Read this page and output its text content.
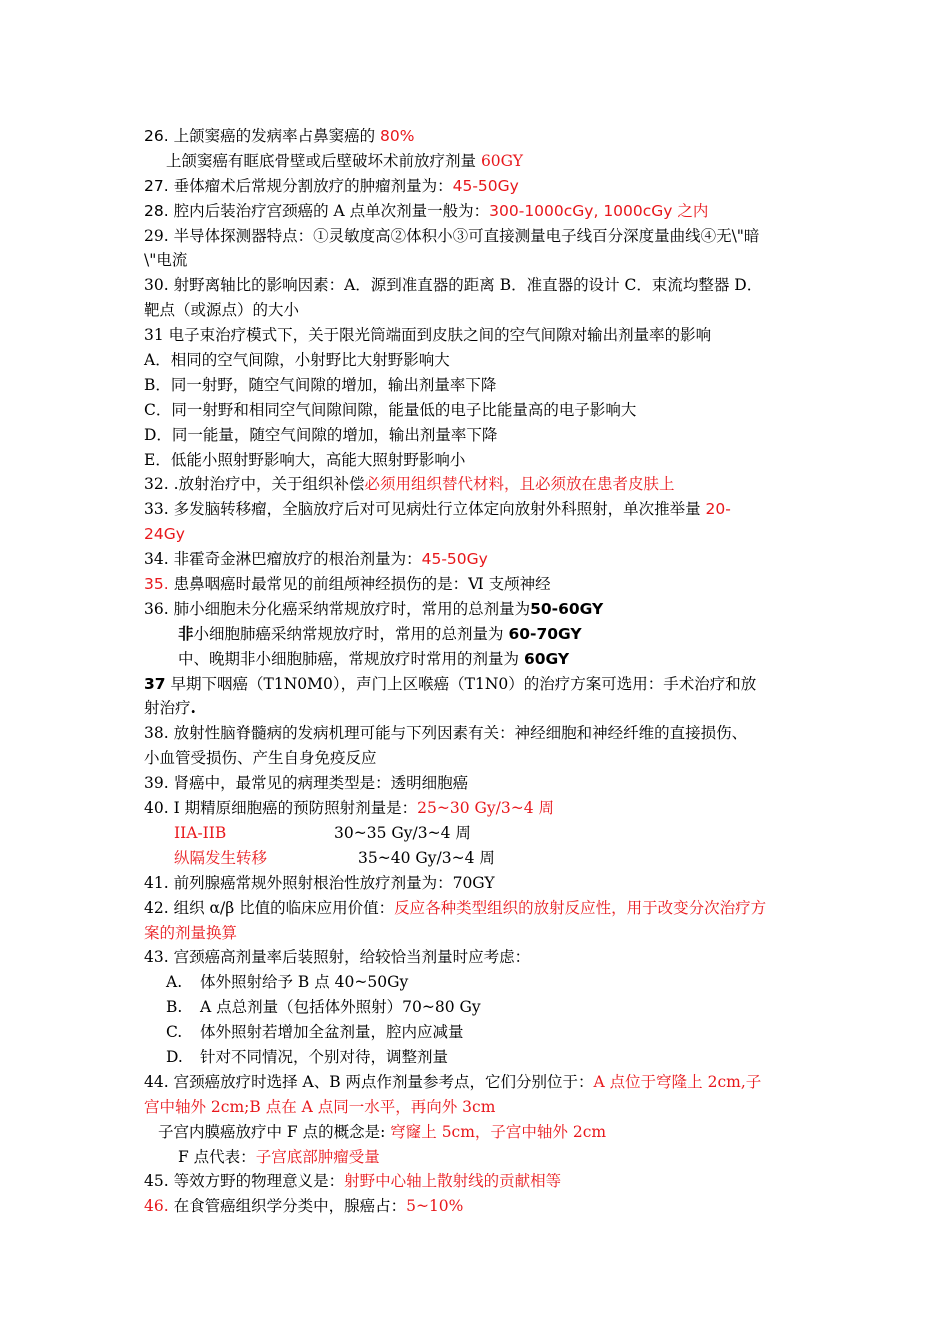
26. 上颌窦癌的发病率占鼻窦癌的 80%
上颌窦癌有眶底骨壁或后壁破坏术前放疗剂量 60GY
27. 垂体瘤术后常规分割放疗的肿瘤剂量为：45-50Gy
28. 腔内后装治疗宫颈癌的 A 点单次剂量一般为：300-1000cGy, 1000cGy 之内
29. 半导体探测器特点：①灵敏度高②体积小③可直接测量电子线百分深度量曲线④无\"暗
\"电流
30. 射野离轴比的影响因素：A．源到准直器的距离 B．准直器的设计 C．束流均整器 D．
靶点（或源点）的大小
31 电子束治疗模式下，关于限光筒端面到皮肤之间的空气间隙对输出剂量率的影响
A．相同的空气间隙，小射野比大射野影响大
B．同一射野，随空气间隙的增加，输出剂量率下降
C．同一射野和相同空气间隙间隙，能量低的电子比能量高的电子影响大
D．同一能量，随空气间隙的增加，输出剂量率下降
E．低能小照射野影响大，高能大照射野影响小
32. .放射治疗中，关于组织补偿必须用组织替代材料，且必须放在患者皮肤上
33. 多发脑转移瘤，全脑放疗后对可见病灶行立体定向放射外科照射，单次推举量 20-
24Gy
34. 非霍奇金淋巴瘤放疗的根治剂量为：45-50Gy
35. 患鼻咽癌时最常见的前组颅神经损伤的是：Ⅵ 支颅神经
36. 肺小细胞未分化癌采纳常规放疗时，常用的总剂量为50-60GY
非小细胞肺癌采纳常规放疗时，常用的总剂量为 60-70GY
中、晚期非小细胞肺癌，常规放疗时常用的剂量为 60GY
37 早期下咽癌（T1N0M0），声门上区喉癌（T1N0）的治疗方案可选用：手术治疗和放
射治疗.
38. 放射性脑脊髓病的发病机理可能与下列因素有关：神经细胞和神经纤维的直接损伤、
小血管受损伤、产生自身免疫反应
39. 肾癌中，最常见的病理类型是：透明细胞癌
40. Ⅰ 期精原细胞癌的预防照射剂量是：25~30 Gy/3~4 周
IIA-IIB	30~35 Gy/3~4 周
纵隔发生转移	35~40 Gy/3~4 周
41. 前列腺癌常规外照射根治性放疗剂量为：70GY
42. 组织 α/β 比值的临床应用价值：反应各种类型组织的放射反应性，用于改变分次治疗方
案的剂量换算
43. 宫颈癌高剂量率后装照射，给较恰当剂量时应考虑：
A. 体外照射给予 B 点 40~50Gy
B. A 点总剂量（包括体外照射）70~80 Gy
C. 体外照射若增加全盆剂量，腔内应减量
D. 针对不同情况，个别对待，调整剂量
44. 宫颈癌放疗时选择 A、B 两点作剂量参考点，它们分别位于：A 点位于穹隆上 2cm,子
宫中轴外 2cm;B 点在 A 点同一水平，再向外 3cm
子宫内膜癌放疗中 F 点的概念是: 穹窿上 5cm，子宫中轴外 2cm
F 点代表：子宫底部肿瘤受量
45. 等效方野的物理意义是：射野中心轴上散射线的贡献相等
46. 在食管癌组织学分类中，腺癌占：5~10%
